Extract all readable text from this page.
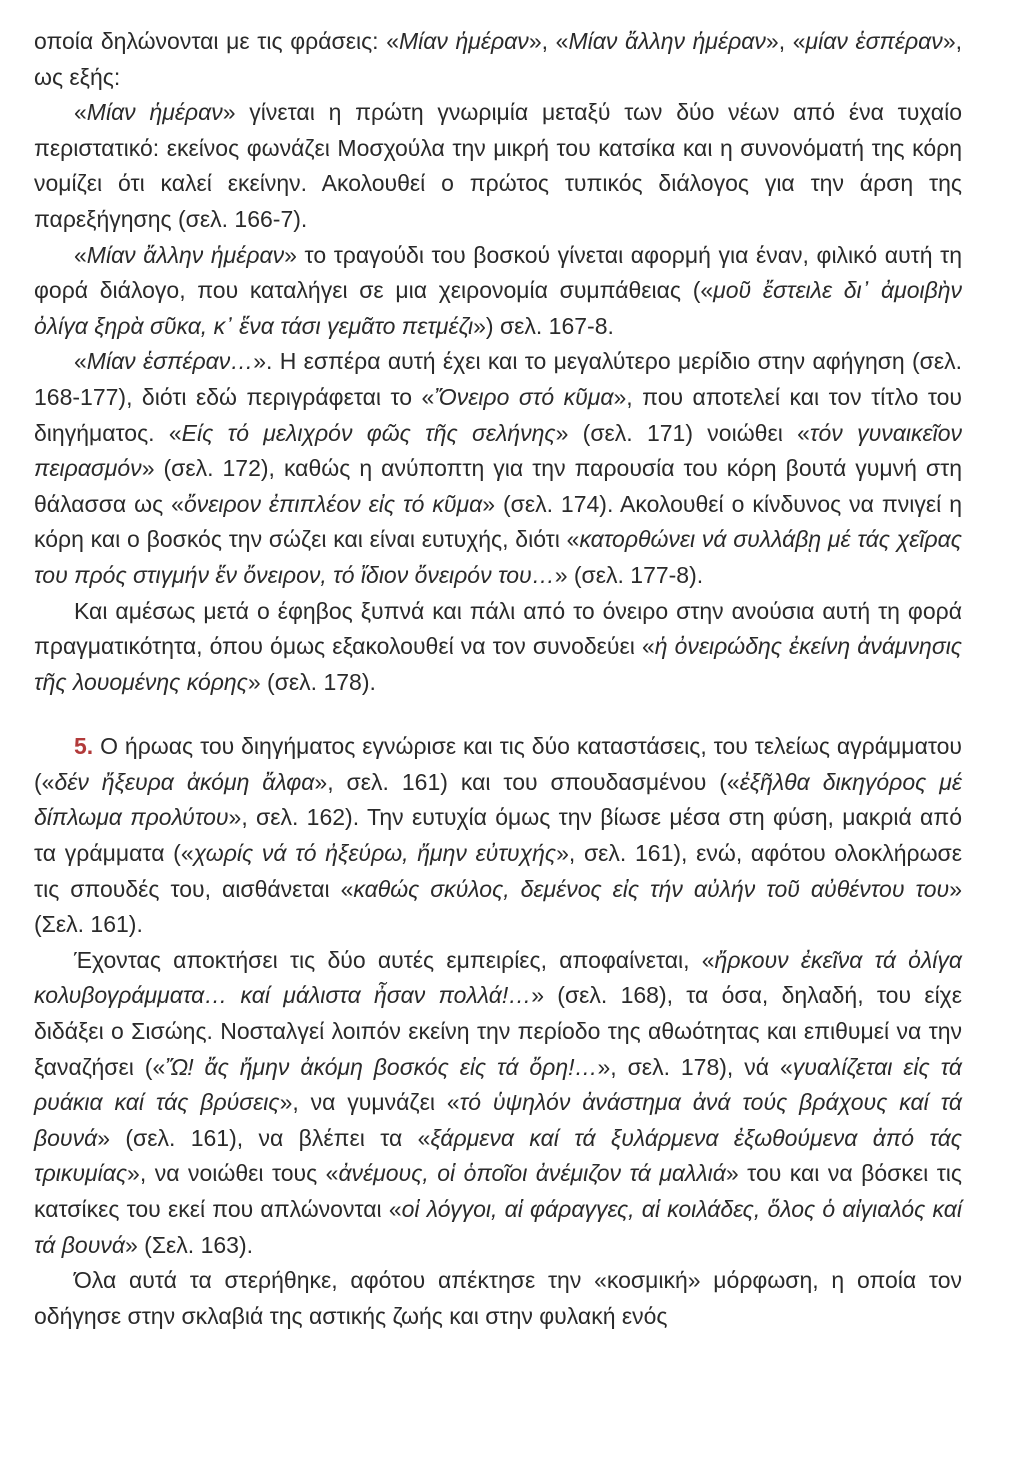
οποία δηλώνονται με τις φράσεις: «Μίαν ἡμέραν», «Μίαν ἄλλην ἡμέραν», «μίαν ἑσπέραν», ως εξής:

«Μίαν ἡμέραν» γίνεται η πρώτη γνωριμία μεταξύ των δύο νέων από ένα τυχαίο περιστατικό: εκείνος φωνάζει Μοσχούλα την μικρή του κατσίκα και η συνονόματή της κόρη νομίζει ότι καλεί εκείνην. Ακολουθεί ο πρώτος τυπικός διάλογος για την άρση της παρεξήγησης (σελ. 166-7).

«Μίαν ἄλλην ἡμέραν» το τραγούδι του βοσκού γίνεται αφορμή για έναν, φιλικό αυτή τη φορά διάλογο, που καταλήγει σε μια χειρονομία συμπάθειας («μοῦ ἔστειλε δι᾽ ἀμοιβὴν ὀλίγα ξηρὰ σῦκα, κ᾽ ἕνα τάσι γεμᾶτο πετμέζι») σελ. 167-8.

«Μίαν ἑσπέραν…». Η εσπέρα αυτή έχει και το μεγαλύτερο μερίδιο στην αφήγηση (σελ. 168-177), διότι εδώ περιγράφεται το «Ὄνειρο στό κῦμα», που αποτελεί και τον τίτλο του διηγήματος. «Είς τό μελιχρόν φῶς τῆς σελήνης» (σελ. 171) νοιώθει «τόν γυναικεῖον πειρασμόν» (σελ. 172), καθώς η ανύποπτη για την παρουσία του κόρη βουτά γυμνή στη θάλασσα ως «ὄνειρον ἐπιπλέον εἰς τό κῦμα» (σελ. 174). Ακολουθεί ο κίνδυνος να πνιγεί η κόρη και ο βοσκός την σώζει και είναι ευτυχής, διότι «κατορθώνει νά συλλάβῃ μέ τάς χεῖρας του πρός στιγμήν ἕν ὄνειρον, τό ἴδιον ὄνειρόν του…» (σελ. 177-8).

Και αμέσως μετά ο έφηβος ξυπνά και πάλι από το όνειρο στην ανούσια αυτή τη φορά πραγματικότητα, όπου όμως εξακολουθεί να τον συνοδεύει «ἡ ὀνειρώδης ἐκείνη ἀνάμνησις τῆς λουομένης κόρης» (σελ. 178).

5. Ο ήρωας του διηγήματος εγνώρισε και τις δύο καταστάσεις, του τελείως αγράμματου («δέν ἤξευρα ἀκόμη ἄλφα», σελ. 161) και του σπουδασμένου («ἐξῆλθα δικηγόρος μέ δίπλωμα προλύτου», σελ. 162). Την ευτυχία όμως την βίωσε μέσα στη φύση, μακριά από τα γράμματα («χωρίς νά τό ἠξεύρω, ἤμην εὐτυχής», σελ. 161), ενώ, αφότου ολοκλήρωσε τις σπουδές του, αισθάνεται «καθώς σκύλος, δεμένος εἰς τήν αὐλήν τοῦ αὐθέντου του» (Σελ. 161).

Έχοντας αποκτήσει τις δύο αυτές εμπειρίες, αποφαίνεται, «ἤρκουν ἐκεῖνα τά ὀλίγα κολυβογράμματα… καί μάλιστα ἦσαν πολλά!…» (σελ. 168), τα όσα, δηλαδή, του είχε διδάξει ο Σισώης. Νοσταλγεί λοιπόν εκείνη την περίοδο της αθωότητας και επιθυμεί να την ξαναζήσει («Ὤ! ἄς ἤμην ἀκόμη βοσκός εἰς τά ὄρη!…», σελ. 178), νά «γυαλίζεται εἰς τά ρυάκια καί τάς βρύσεις», να γυμνάζει «τό ὑψηλόν ἀνάστημα ἀνά τούς βράχους καί τά βουνά» (σελ. 161), να βλέπει τα «ξάρμενα καί τά ξυλάρμενα ἐξωθούμενα ἀπό τάς τρικυμίας», να νοιώθει τους «ἀνέμους, οἱ ὁποῖοι ἀνέμιζον τά μαλλιά» του και να βόσκει τις κατσίκες του εκεί που απλώνονται «οἱ λόγγοι, αἱ φάραγγες, αἱ κοιλάδες, ὅλος ὁ αἰγιαλός καί τά βουνά» (Σελ. 163).

Όλα αυτά τα στερήθηκε, αφότου απέκτησε την «κοσμική» μόρφωση, η οποία τον οδήγησε στην σκλαβιά της αστικής ζωής και στην φυλακή ενός
